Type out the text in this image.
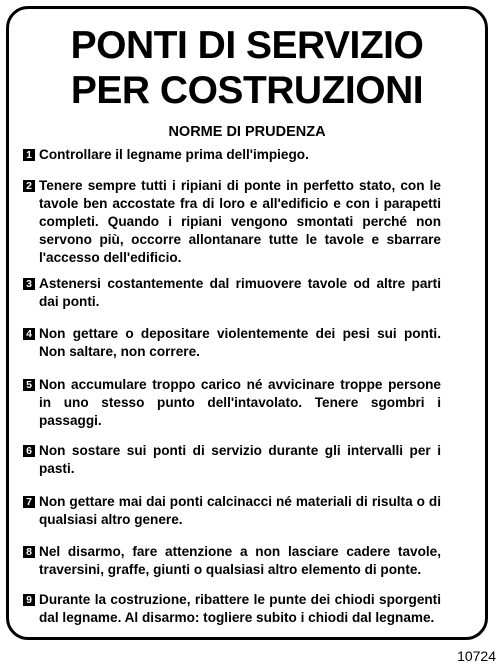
PONTI DI SERVIZIO
PER COSTRUZIONI
NORME DI PRUDENZA
1 Controllare il legname prima dell'impiego.
2 Tenere sempre tutti i ripiani di ponte in perfetto stato, con le tavole ben accostate fra di loro e all'edificio e con i parapetti completi. Quando i ripiani vengono smontati perché non servono più, occorre allontanare tutte le tavole e sbarrare l'accesso dell'edificio.
3 Astenersi costantemente dal rimuovere tavole od altre parti dai ponti.
4 Non gettare o depositare violentemente dei pesi sui ponti. Non saltare, non correre.
5 Non accumulare troppo carico né avvicinare troppe persone in uno stesso punto dell'intavolato. Tenere sgombri i passaggi.
6 Non sostare sui ponti di servizio durante gli intervalli per i pasti.
7 Non gettare mai dai ponti calcinacci né materiali di risulta o di qualsiasi altro genere.
8 Nel disarmo, fare attenzione a non lasciare cadere tavole, traversini, graffe, giunti o qualsiasi altro elemento di ponte.
9 Durante la costruzione, ribattere le punte dei chiodi sporgenti dal legname. Al disarmo: togliere subito i chiodi dal legname.
10724
